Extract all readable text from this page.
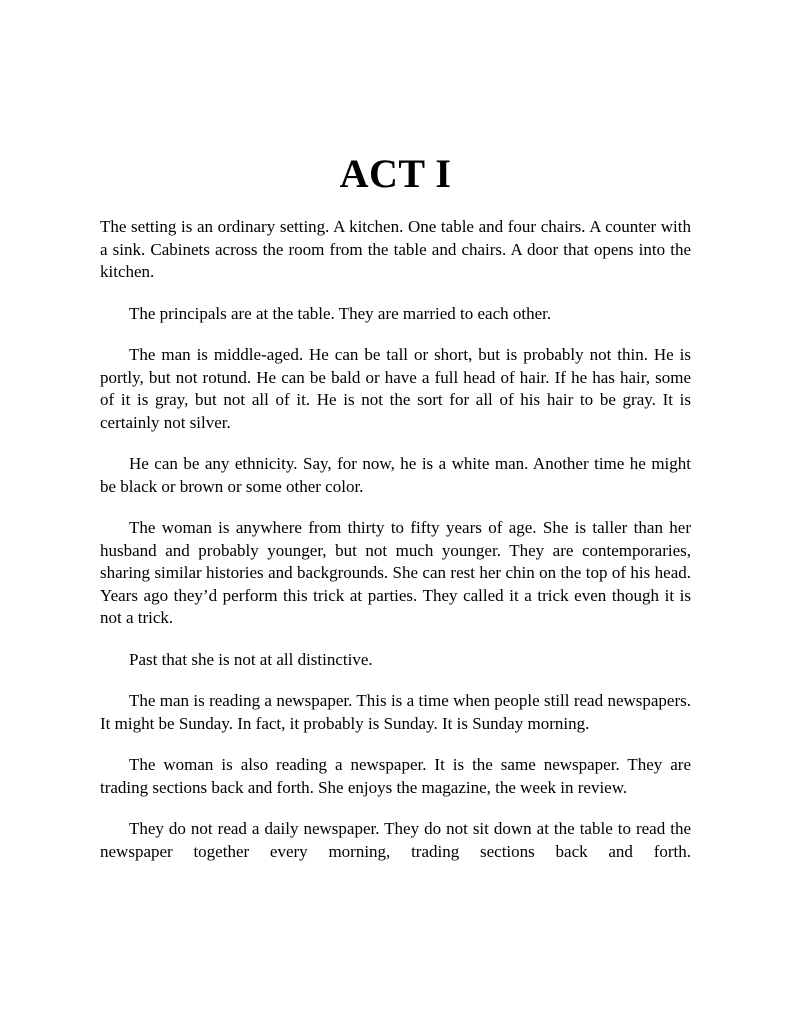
ACT I

The setting is an ordinary setting. A kitchen. One table and four chairs. A counter with a sink. Cabinets across the room from the table and chairs. A door that opens into the kitchen.

The principals are at the table. They are married to each other.

The man is middle-aged. He can be tall or short, but is probably not thin. He is portly, but not rotund. He can be bald or have a full head of hair. If he has hair, some of it is gray, but not all of it. He is not the sort for all of his hair to be gray. It is certainly not silver.

He can be any ethnicity. Say, for now, he is a white man. Another time he might be black or brown or some other color.

The woman is anywhere from thirty to fifty years of age. She is taller than her husband and probably younger, but not much younger. They are contemporaries, sharing similar histories and backgrounds. She can rest her chin on the top of his head. Years ago they’d perform this trick at parties. They called it a trick even though it is not a trick.

Past that she is not at all distinctive.

The man is reading a newspaper. This is a time when people still read newspapers. It might be Sunday. In fact, it probably is Sunday. It is Sunday morning.

The woman is also reading a newspaper. It is the same newspaper. They are trading sections back and forth. She enjoys the magazine, the week in review.

They do not read a daily newspaper. They do not sit down at the table to read the newspaper together every morning, trading sections back and forth.
